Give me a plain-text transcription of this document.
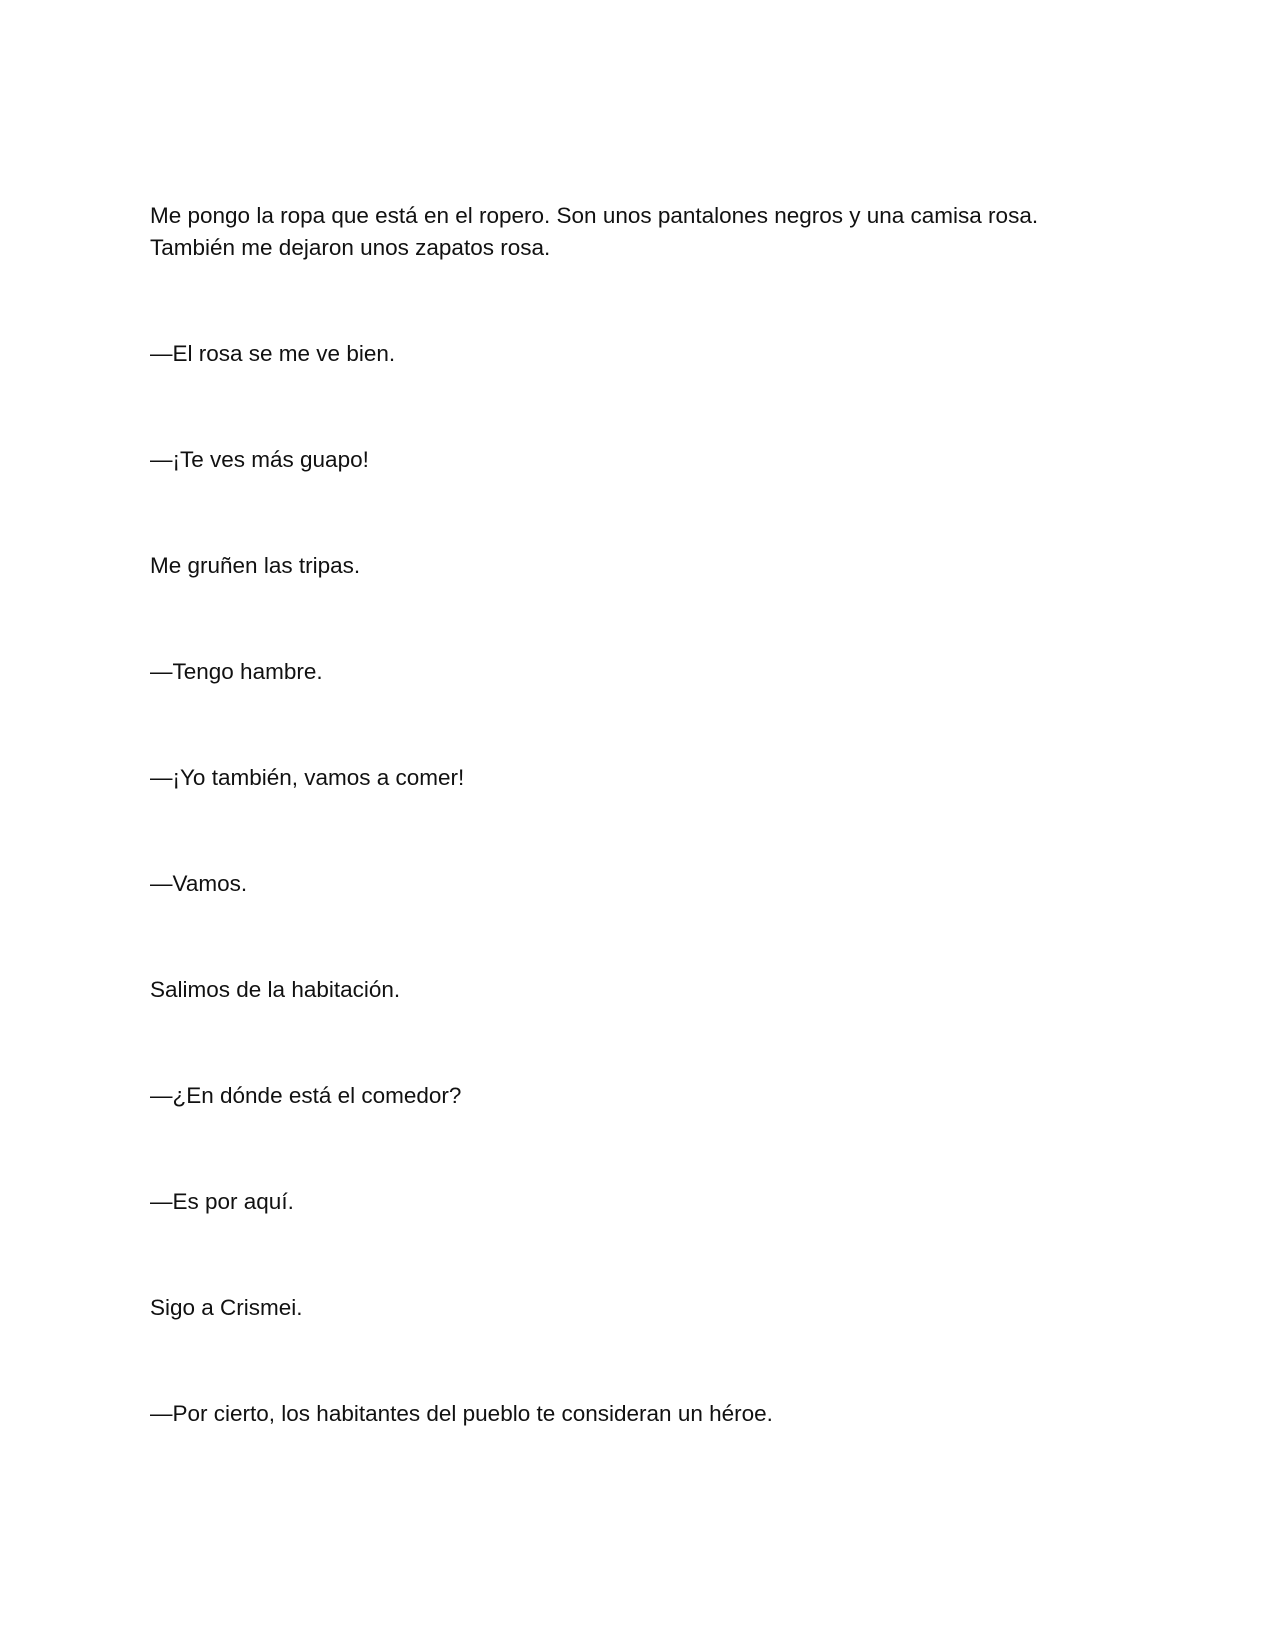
Me pongo la ropa que está en el ropero. Son unos pantalones negros y una camisa rosa. También me dejaron unos zapatos rosa.

—El rosa se me ve bien.

—¡Te ves más guapo!

Me gruñen las tripas.

—Tengo hambre.

—¡Yo también, vamos a comer!

—Vamos.

Salimos de la habitación.

—¿En dónde está el comedor?

—Es por aquí.

Sigo a Crismei.

—Por cierto, los habitantes del pueblo te consideran un héroe.
